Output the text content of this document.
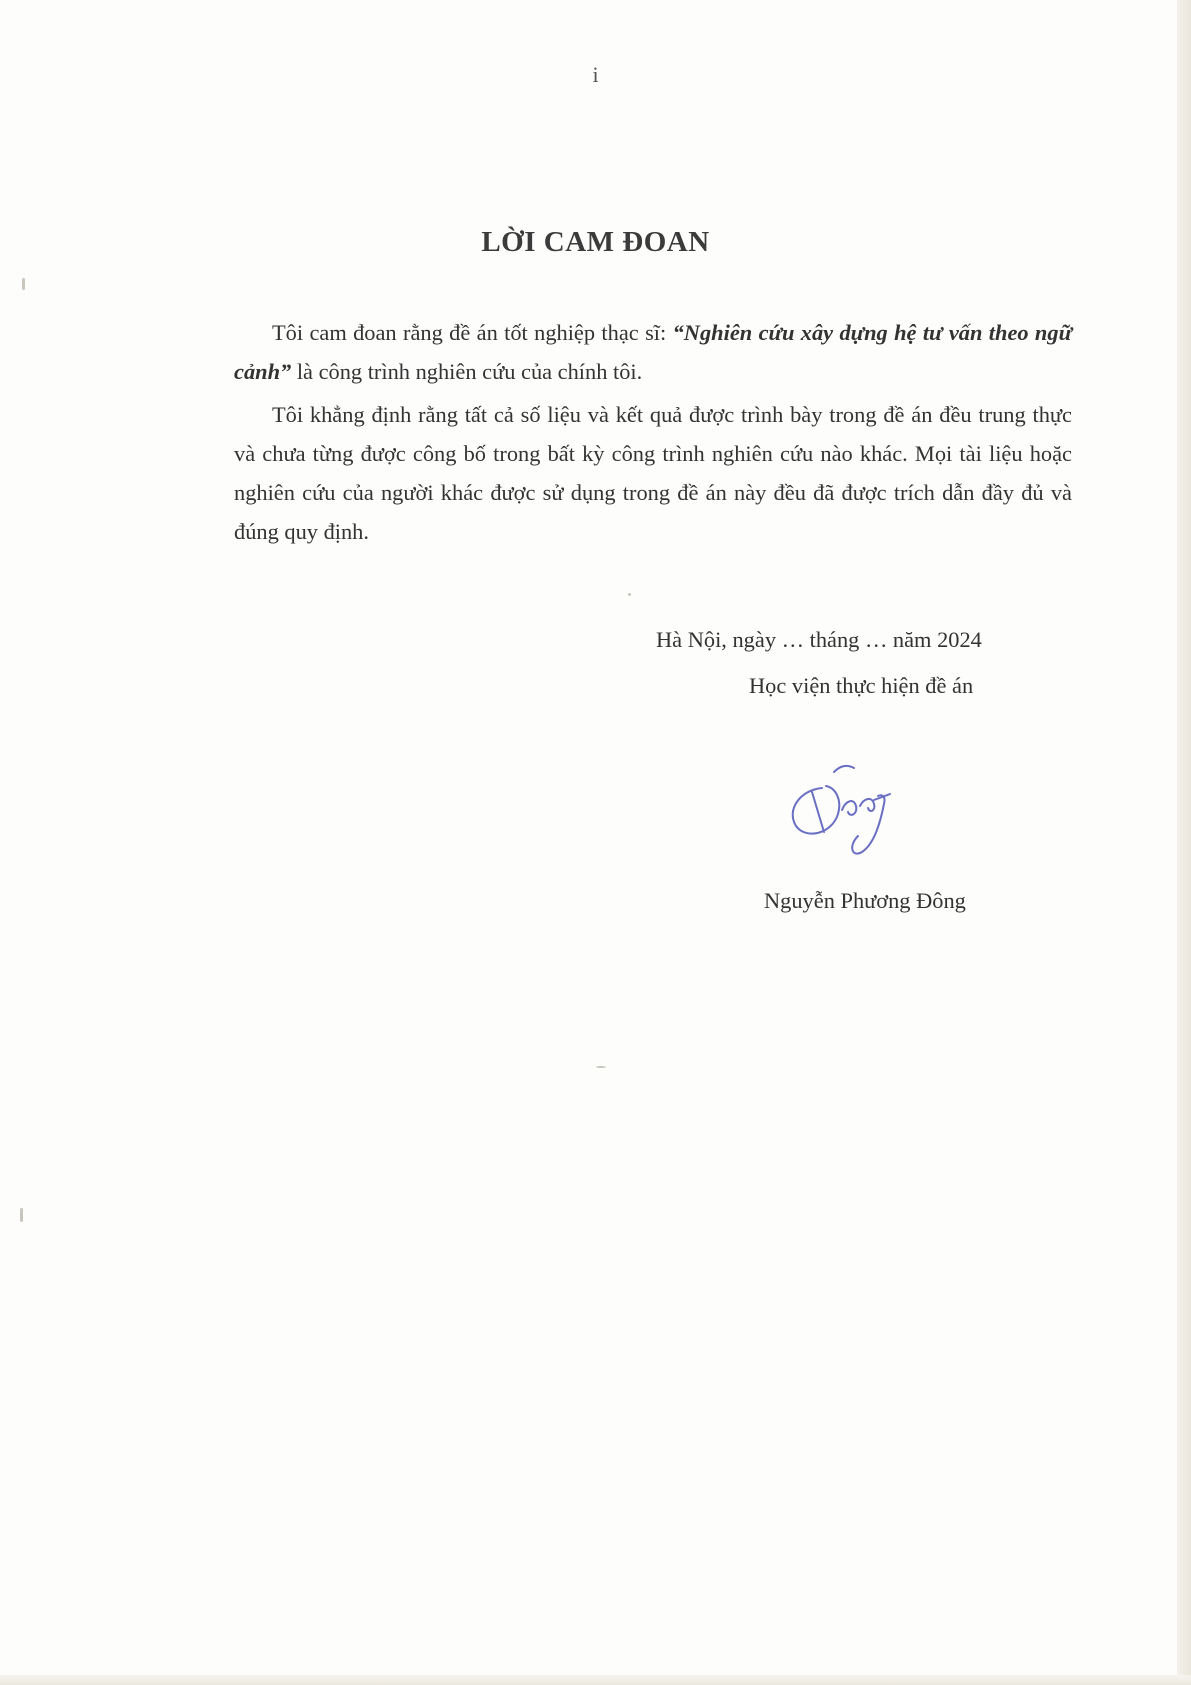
i
LỜI CAM ĐOAN

Tôi cam đoan rằng đề án tốt nghiệp thạc sĩ: “Nghiên cứu xây dựng hệ tư vấn theo ngữ cảnh” là công trình nghiên cứu của chính tôi.

Tôi khẳng định rằng tất cả số liệu và kết quả được trình bày trong đề án đều trung thực và chưa từng được công bố trong bất kỳ công trình nghiên cứu nào khác. Mọi tài liệu hoặc nghiên cứu của người khác được sử dụng trong đề án này đều đã được trích dẫn đầy đủ và đúng quy định.

Hà Nội, ngày … tháng … năm 2024
Học viện thực hiện đề án
Nguyễn Phương Đông
